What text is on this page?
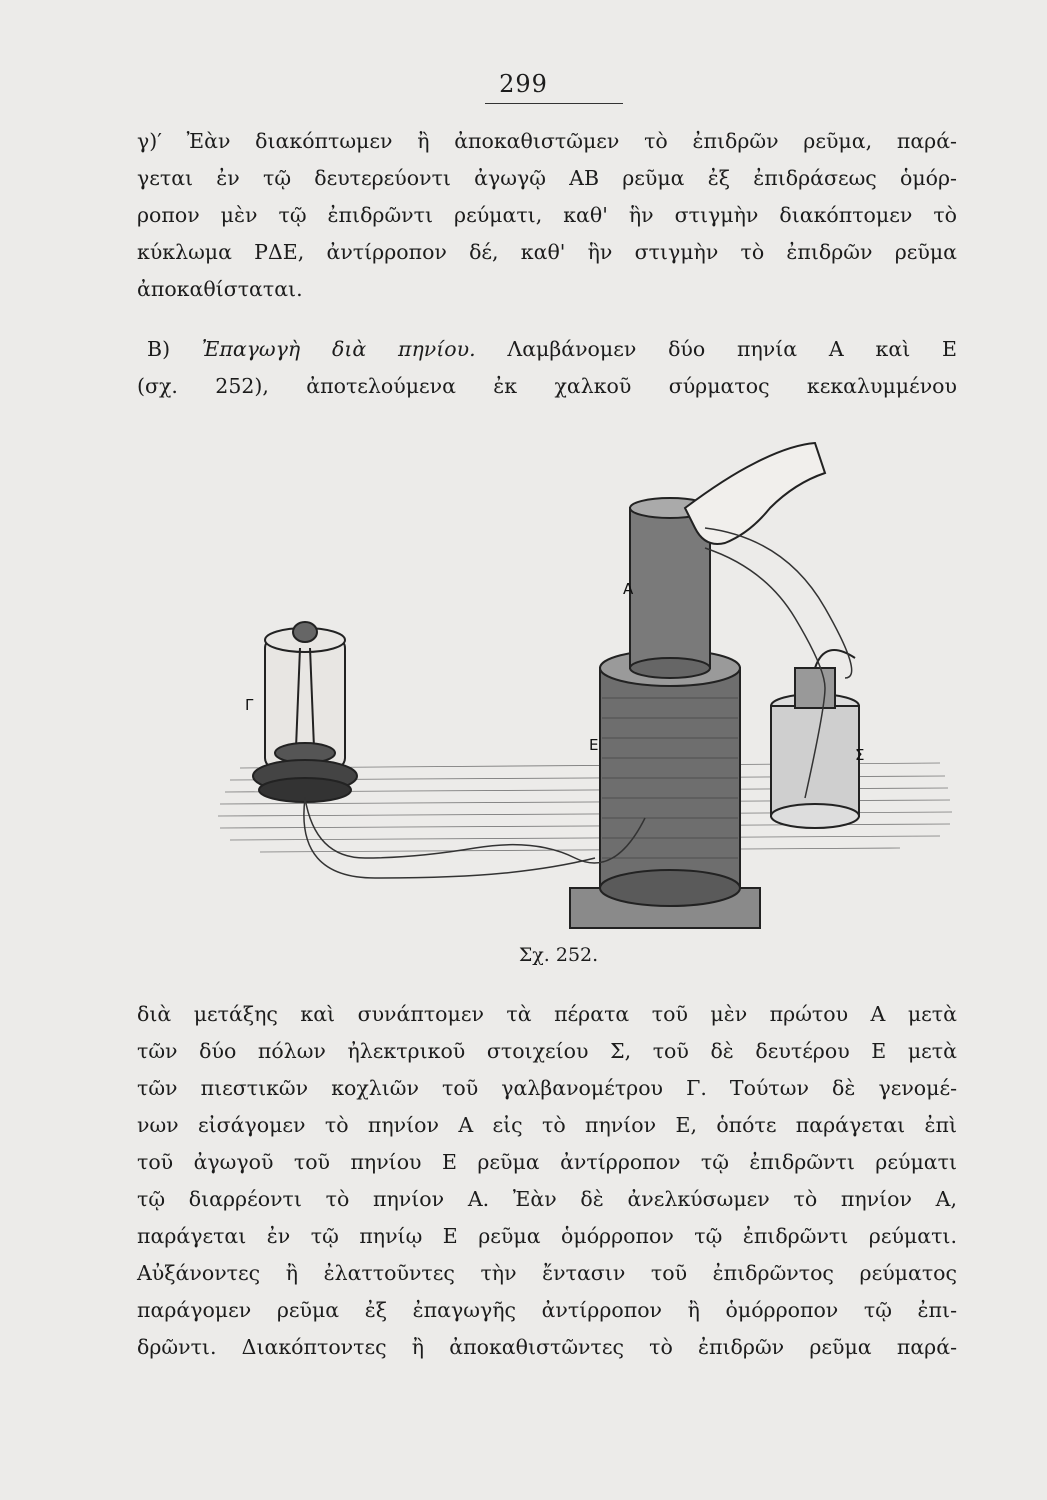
299
γ)′ Ἐὰν διακόπτωμεν ἢ ἀποκαθιστῶμεν τὸ ἐπιδρῶν ρεῦμα, παρά-
γεται ἐν τῷ δευτερεύοντι ἀγωγῷ ΑΒ ρεῦμα ἐξ ἐπιδράσεως ὁμόρ-
ροπον μὲν τῷ ἐπιδρῶντι ρεύματι, καθ' ἣν στιγμὴν διακόπτομεν τὸ
κύκλωμα ΡΔΕ, ἀντίρροπον δέ, καθ' ἣν στιγμὴν τὸ ἐπιδρῶν ρεῦμα
ἀποκαθίσταται.
Β) Ἐπαγωγὴ διὰ πηνίου. Λαμβάνομεν δύο πηνία Α καὶ Ε
(σχ. 252), ἀποτελούμενα ἐκ χαλκοῦ σύρματος κεκαλυμμένου
A
E
Γ
Σ
Σχ. 252.
διὰ μετάξης καὶ συνάπτομεν τὰ πέρατα τοῦ μὲν πρώτου Α μετὰ
τῶν δύο πόλων ἠλεκτρικοῦ στοιχείου Σ, τοῦ δὲ δευτέρου Ε μετὰ
τῶν πιεστικῶν κοχλιῶν τοῦ γαλβανομέτρου Γ. Τούτων δὲ γενομέ-
νων εἰσάγομεν τὸ πηνίον Α εἰς τὸ πηνίον Ε, ὁπότε παράγεται ἐπὶ
τοῦ ἀγωγοῦ τοῦ πηνίου Ε ρεῦμα ἀντίρροπον τῷ ἐπιδρῶντι ρεύματι
τῷ διαρρέοντι τὸ πηνίον Α. Ἐὰν δὲ ἀνελκύσωμεν τὸ πηνίον Α,
παράγεται ἐν τῷ πηνίῳ Ε ρεῦμα ὁμόρροπον τῷ ἐπιδρῶντι ρεύματι.
Αὐξάνοντες ἢ ἐλαττοῦντες τὴν ἔντασιν τοῦ ἐπιδρῶντος ρεύματος
παράγομεν ρεῦμα ἐξ ἐπαγωγῆς ἀντίρροπον ἢ ὁμόρροπον τῷ ἐπι-
δρῶντι. Διακόπτοντες ἢ ἀποκαθιστῶντες τὸ ἐπιδρῶν ρεῦμα παρά-
